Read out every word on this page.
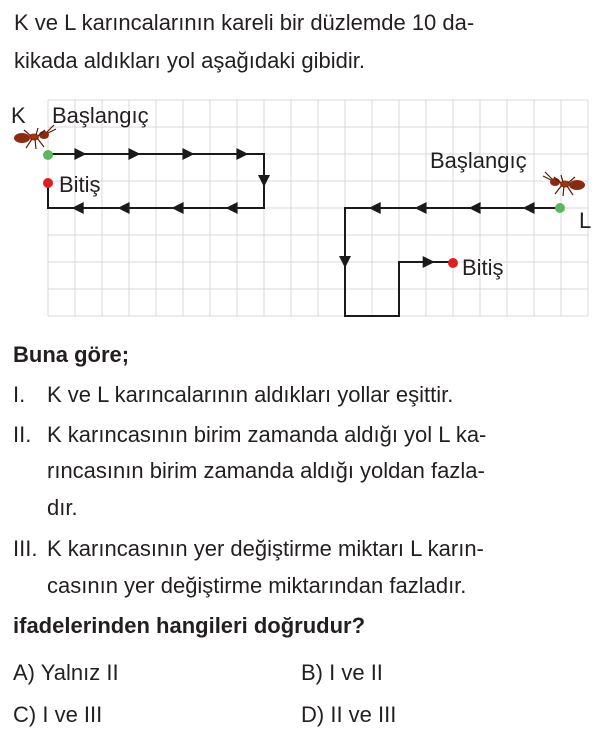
K ve L karıncalarının kareli bir düzlemde 10 da-
kikada aldıkları yol aşağıdaki gibidir.
K Başlangıç
Bitiş
Başlangıç
L
Bitiş
Buna göre;
I. K ve L karıncalarının aldıkları yollar eşittir.
II. K karıncasının birim zamanda aldığı yol L ka-
rıncasının birim zamanda aldığı yoldan fazla-
dır.
III. K karıncasının yer değiştirme miktarı L karın-
casının yer değiştirme miktarından fazladır.
ifadelerinden hangileri doğrudur?
A) Yalnız II	B) I ve II
C) I ve III	D) II ve III
